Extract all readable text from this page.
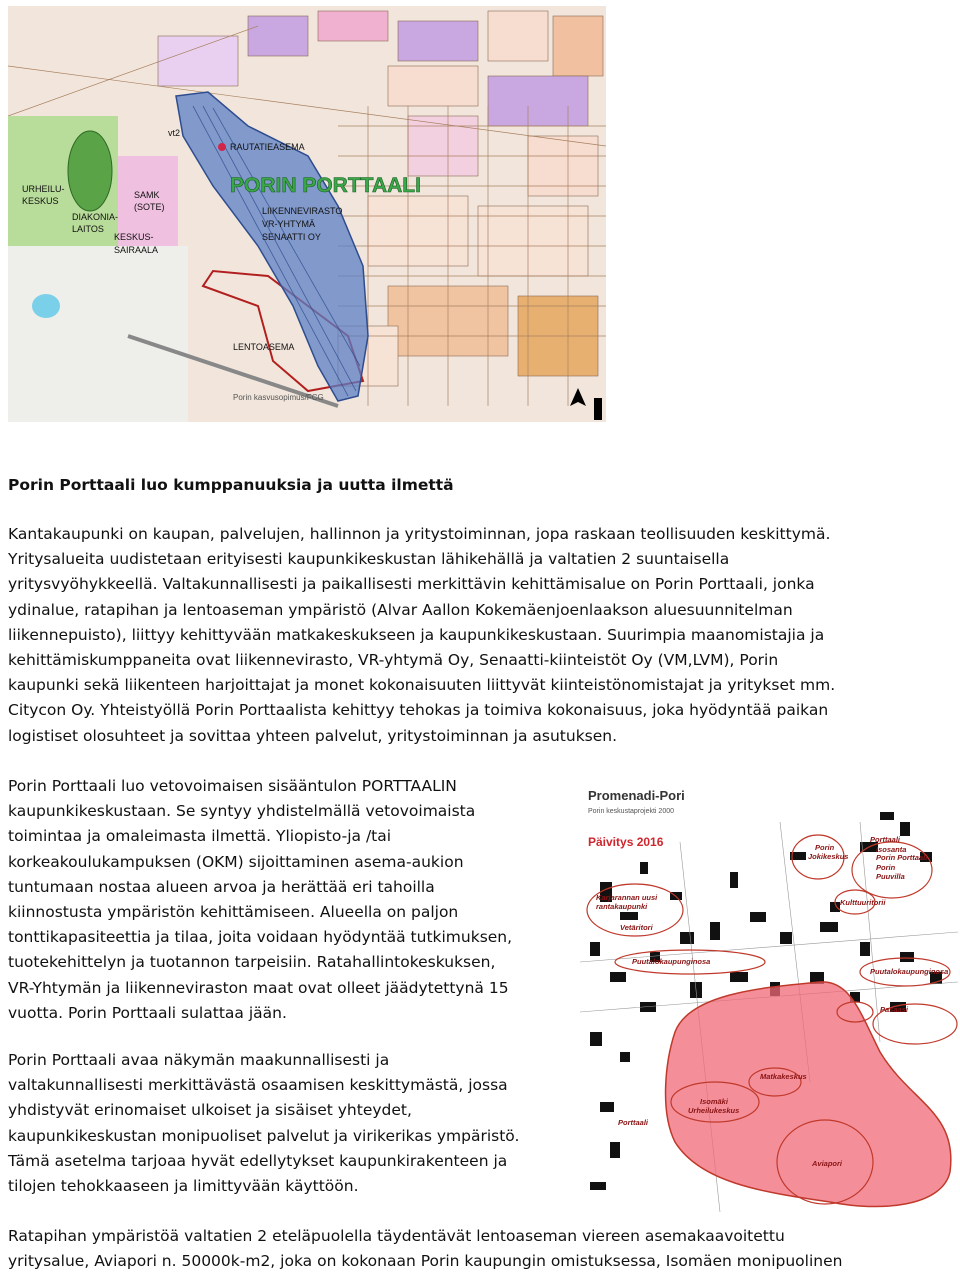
vt2
RAUTATIEASEMA
PORIN PORTTAALI
URHEILU-
KESKUS
SAMK
(SOTE)
DIAKONIA-
LAITOS
KESKUS-
SAIRAALA
LIIKENNEVIRASTO
VR-YHTYMÄ
SENAATTI OY
LENTOASEMA
Porin kasvusopimus/FCG
Porin Porttaali luo kumppanuuksia ja uutta ilmettä
Kantakaupunki on kaupan, palvelujen, hallinnon ja yritystoiminnan, jopa raskaan teollisuuden keskittymä.
Yritysalueita uudistetaan erityisesti kaupunkikeskustan lähikehällä ja valtatien 2 suuntaisella
yritysvyöhykkeellä. Valtakunnallisesti ja paikallisesti merkittävin kehittämisalue on Porin Porttaali, jonka
ydinalue, ratapihan ja lentoaseman ympäristö (Alvar Aallon Kokemäenjoenlaakson aluesuunnitelman
liikennepuisto), liittyy kehittyvään matkakeskukseen ja kaupunkikeskustaan. Suurimpia maanomistajia ja
kehittämiskumppaneita ovat liikennevirasto, VR-yhtymä Oy, Senaatti-kiinteistöt Oy (VM,LVM), Porin
kaupunki sekä liikenteen harjoittajat ja monet kokonaisuuten liittyvät kiinteistönomistajat ja yritykset mm.
Citycon Oy. Yhteistyöllä Porin Porttaalista kehittyy tehokas ja toimiva kokonaisuus, joka hyödyntää paikan
logistiset olosuhteet ja sovittaa yhteen palvelut, yritystoiminnan ja asutuksen.
Porin Porttaali luo vetovoimaisen sisääntulon PORTTAALIN
kaupunkikeskustaan. Se syntyy yhdistelmällä vetovoimaista
toimintaa ja omaleimasta ilmettä. Yliopisto-ja /tai
korkeakoulukampuksen (OKM) sijoittaminen asema-aukion
tuntumaan nostaa alueen arvoa ja herättää eri tahoilla
kiinnostusta ympäristön kehittämiseen. Alueella on paljon
tonttikapasiteettia ja tilaa, joita voidaan hyödyntää tutkimuksen,
tuotekehittelyn ja tuotannon tarpeisiin. Ratahallintokeskuksen,
VR-Yhtymän ja liikenneviraston maat ovat olleet jäädytettynä 15
vuotta. Porin Porttaali sulattaa jään.
Porin Porttaali avaa näkymän maakunnallisesti ja
valtakunnallisesti merkittävästä osaamisen keskittymästä, jossa
yhdistyvät erinomaiset ulkoiset ja sisäiset yhteydet,
kaupunkikeskustan monipuoliset palvelut ja virikerikas ympäristö.
Tämä asetelma tarjoaa hyvät edellytykset kaupunkirakenteen ja
tilojen tehokkaaseen ja limittyvään käyttöön.
Ratapihan ympäristöä valtatien 2 eteläpuolella täydentävät lentoaseman viereen asemakaavoitettu
yritysalue, Aviapori n. 50000k-m2, joka on kokonaan Porin kaupungin omistuksessa, Isomäen monipuolinen
Promenadi-Pori
Porin keskustaprojekti 2000
Päivitys 2016
Karjarannan uusi
rantakaupunki
Vetäritori
Porin
Jokikeskus
Porin
Puuvilla
Porttaali
Isosantа
Porin Porttaali
Kulttuuritorii
Puutalokaupunginosa
Puutalokaupunginosa
Pasaasi
Matkakeskus
Porttaali
Isomäki
Urheilukeskus
Aviapori
